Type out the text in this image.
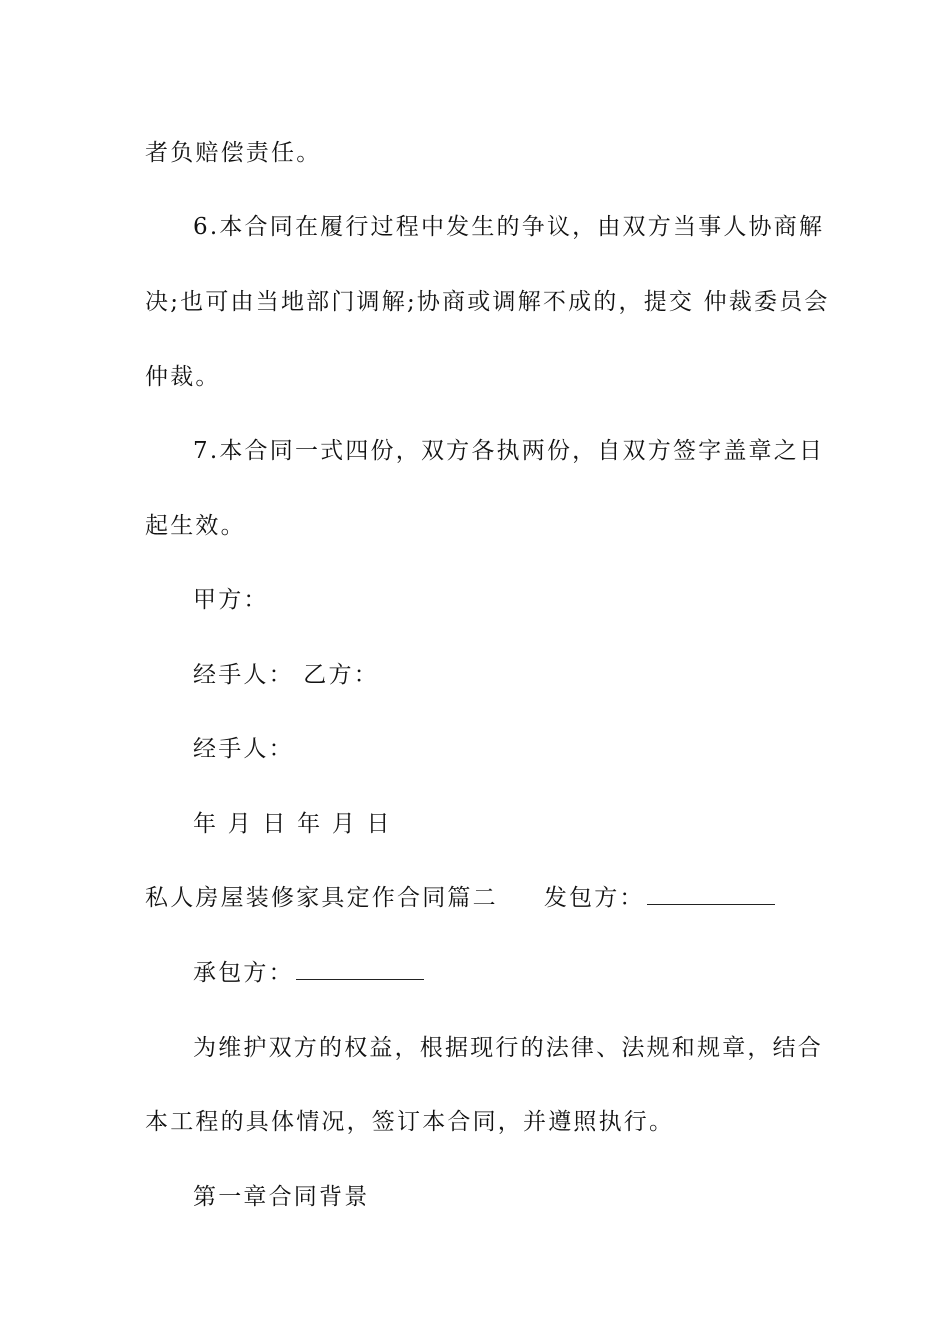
者负赔偿责任。
6.本合同在履行过程中发生的争议，由双方当事人协商解
决;也可由当地部门调解;协商或调解不成的，提交 仲裁委员会
仲裁。
7.本合同一式四份，双方各执两份，自双方签字盖章之日
起生效。
甲方：
经手人： 乙方：
经手人：
年 月 日 年 月 日
私人房屋装修家具定作合同篇二 发包方：
承包方：
为维护双方的权益，根据现行的法律、法规和规章，结合
本工程的具体情况，签订本合同，并遵照执行。
第一章合同背景
